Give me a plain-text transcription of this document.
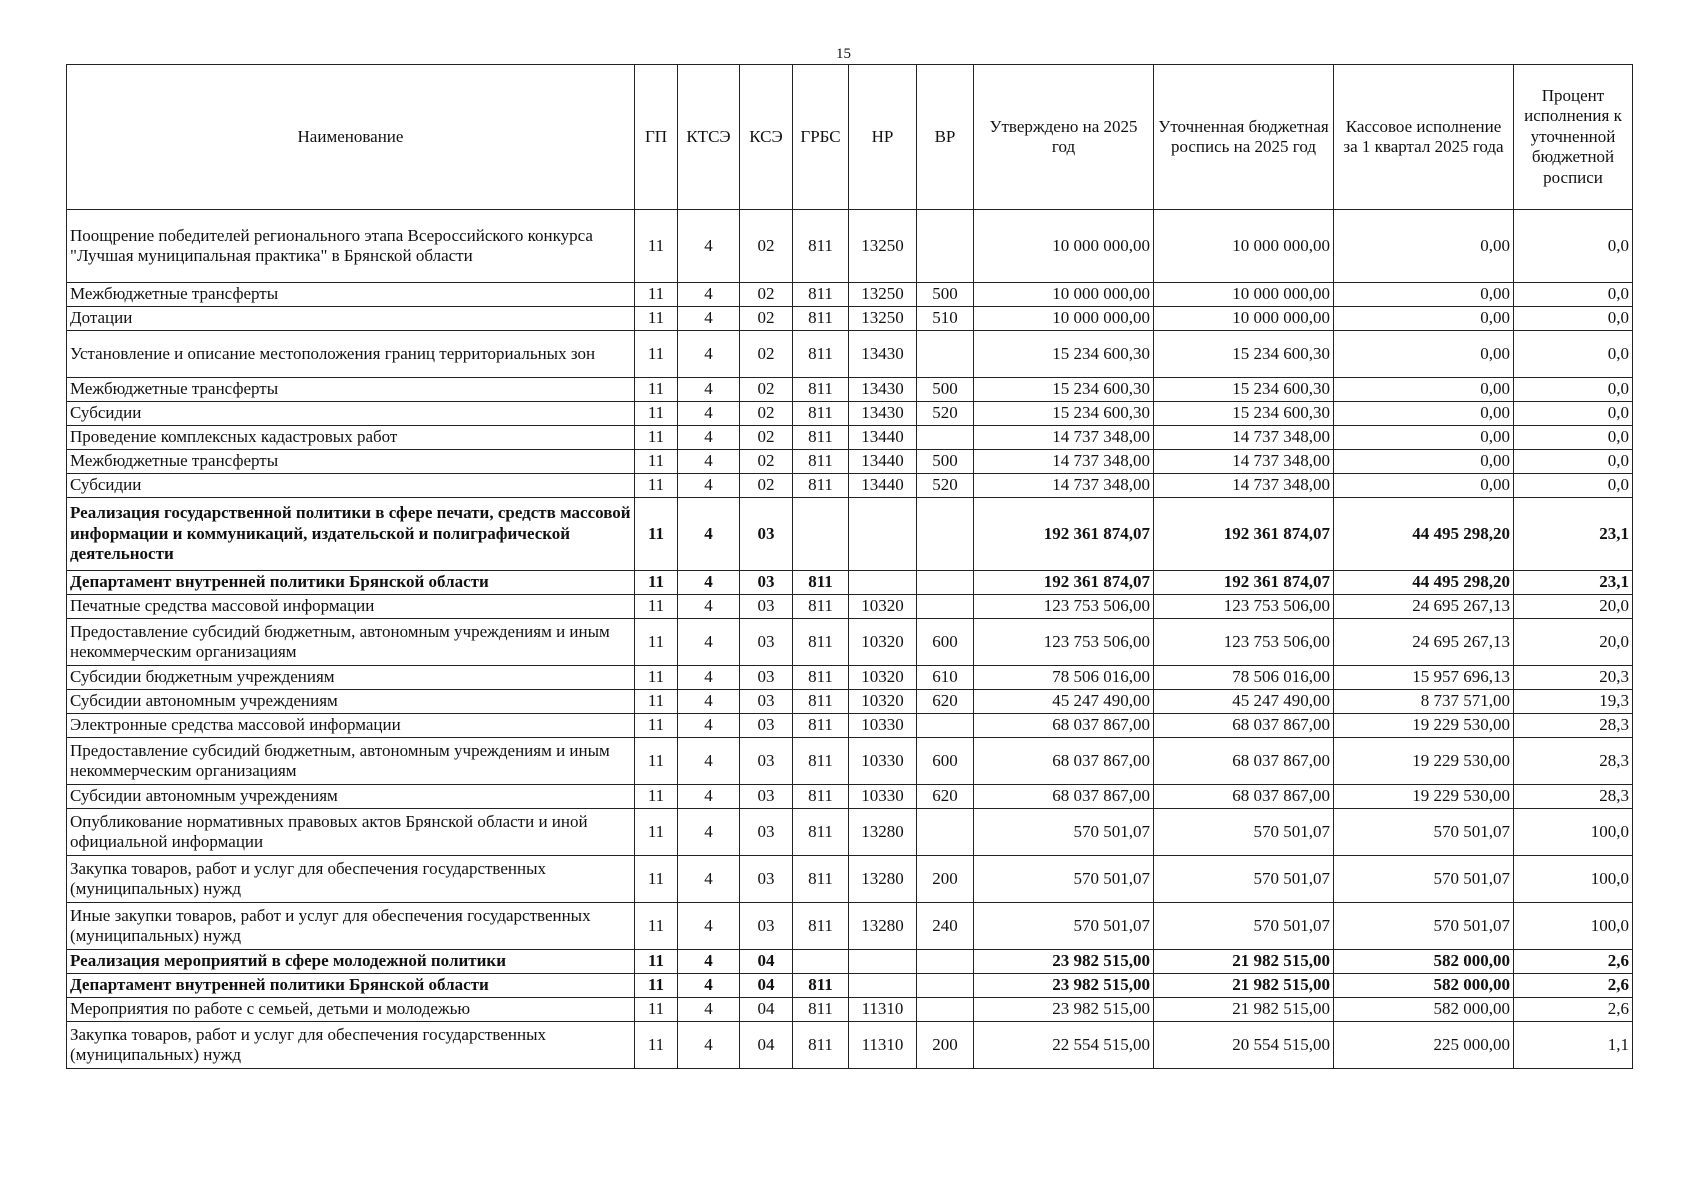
15
Наименование	ГП	КТСЭ	КСЭ	ГРБС	НР	ВР	Утверждено на 2025 год	Уточненная бюджетная роспись на 2025 год	Кассовое исполнение за 1 квартал 2025 года	Процент исполнения к уточненной бюджетной росписи
Поощрение победителей регионального этапа Всероссийского конкурса "Лучшая муниципальная практика" в Брянской области	11	4	02	811	13250		10 000 000,00	10 000 000,00	0,00	0,0
Межбюджетные трансферты	11	4	02	811	13250	500	10 000 000,00	10 000 000,00	0,00	0,0
Дотации	11	4	02	811	13250	510	10 000 000,00	10 000 000,00	0,00	0,0
Установление и описание местоположения границ территориальных зон	11	4	02	811	13430		15 234 600,30	15 234 600,30	0,00	0,0
Межбюджетные трансферты	11	4	02	811	13430	500	15 234 600,30	15 234 600,30	0,00	0,0
Субсидии	11	4	02	811	13430	520	15 234 600,30	15 234 600,30	0,00	0,0
Проведение комплексных кадастровых работ	11	4	02	811	13440		14 737 348,00	14 737 348,00	0,00	0,0
Межбюджетные трансферты	11	4	02	811	13440	500	14 737 348,00	14 737 348,00	0,00	0,0
Субсидии	11	4	02	811	13440	520	14 737 348,00	14 737 348,00	0,00	0,0
Реализация государственной политики в сфере печати, средств массовой информации и коммуникаций, издательской и полиграфической деятельности	11	4	03				192 361 874,07	192 361 874,07	44 495 298,20	23,1
Департамент внутренней политики Брянской области	11	4	03	811			192 361 874,07	192 361 874,07	44 495 298,20	23,1
Печатные средства массовой информации	11	4	03	811	10320		123 753 506,00	123 753 506,00	24 695 267,13	20,0
Предоставление субсидий бюджетным, автономным учреждениям и иным некоммерческим организациям	11	4	03	811	10320	600	123 753 506,00	123 753 506,00	24 695 267,13	20,0
Субсидии бюджетным учреждениям	11	4	03	811	10320	610	78 506 016,00	78 506 016,00	15 957 696,13	20,3
Субсидии автономным учреждениям	11	4	03	811	10320	620	45 247 490,00	45 247 490,00	8 737 571,00	19,3
Электронные средства массовой информации	11	4	03	811	10330		68 037 867,00	68 037 867,00	19 229 530,00	28,3
Предоставление субсидий бюджетным, автономным учреждениям и иным некоммерческим организациям	11	4	03	811	10330	600	68 037 867,00	68 037 867,00	19 229 530,00	28,3
Субсидии автономным учреждениям	11	4	03	811	10330	620	68 037 867,00	68 037 867,00	19 229 530,00	28,3
Опубликование нормативных правовых актов Брянской области и иной официальной информации	11	4	03	811	13280		570 501,07	570 501,07	570 501,07	100,0
Закупка товаров, работ и услуг для обеспечения государственных (муниципальных) нужд	11	4	03	811	13280	200	570 501,07	570 501,07	570 501,07	100,0
Иные закупки товаров, работ и услуг для обеспечения государственных (муниципальных) нужд	11	4	03	811	13280	240	570 501,07	570 501,07	570 501,07	100,0
Реализация мероприятий в сфере молодежной политики	11	4	04				23 982 515,00	21 982 515,00	582 000,00	2,6
Департамент внутренней политики Брянской области	11	4	04	811			23 982 515,00	21 982 515,00	582 000,00	2,6
Мероприятия по работе с семьей, детьми и молодежью	11	4	04	811	11310		23 982 515,00	21 982 515,00	582 000,00	2,6
Закупка товаров, работ и услуг для обеспечения государственных (муниципальных) нужд	11	4	04	811	11310	200	22 554 515,00	20 554 515,00	225 000,00	1,1
